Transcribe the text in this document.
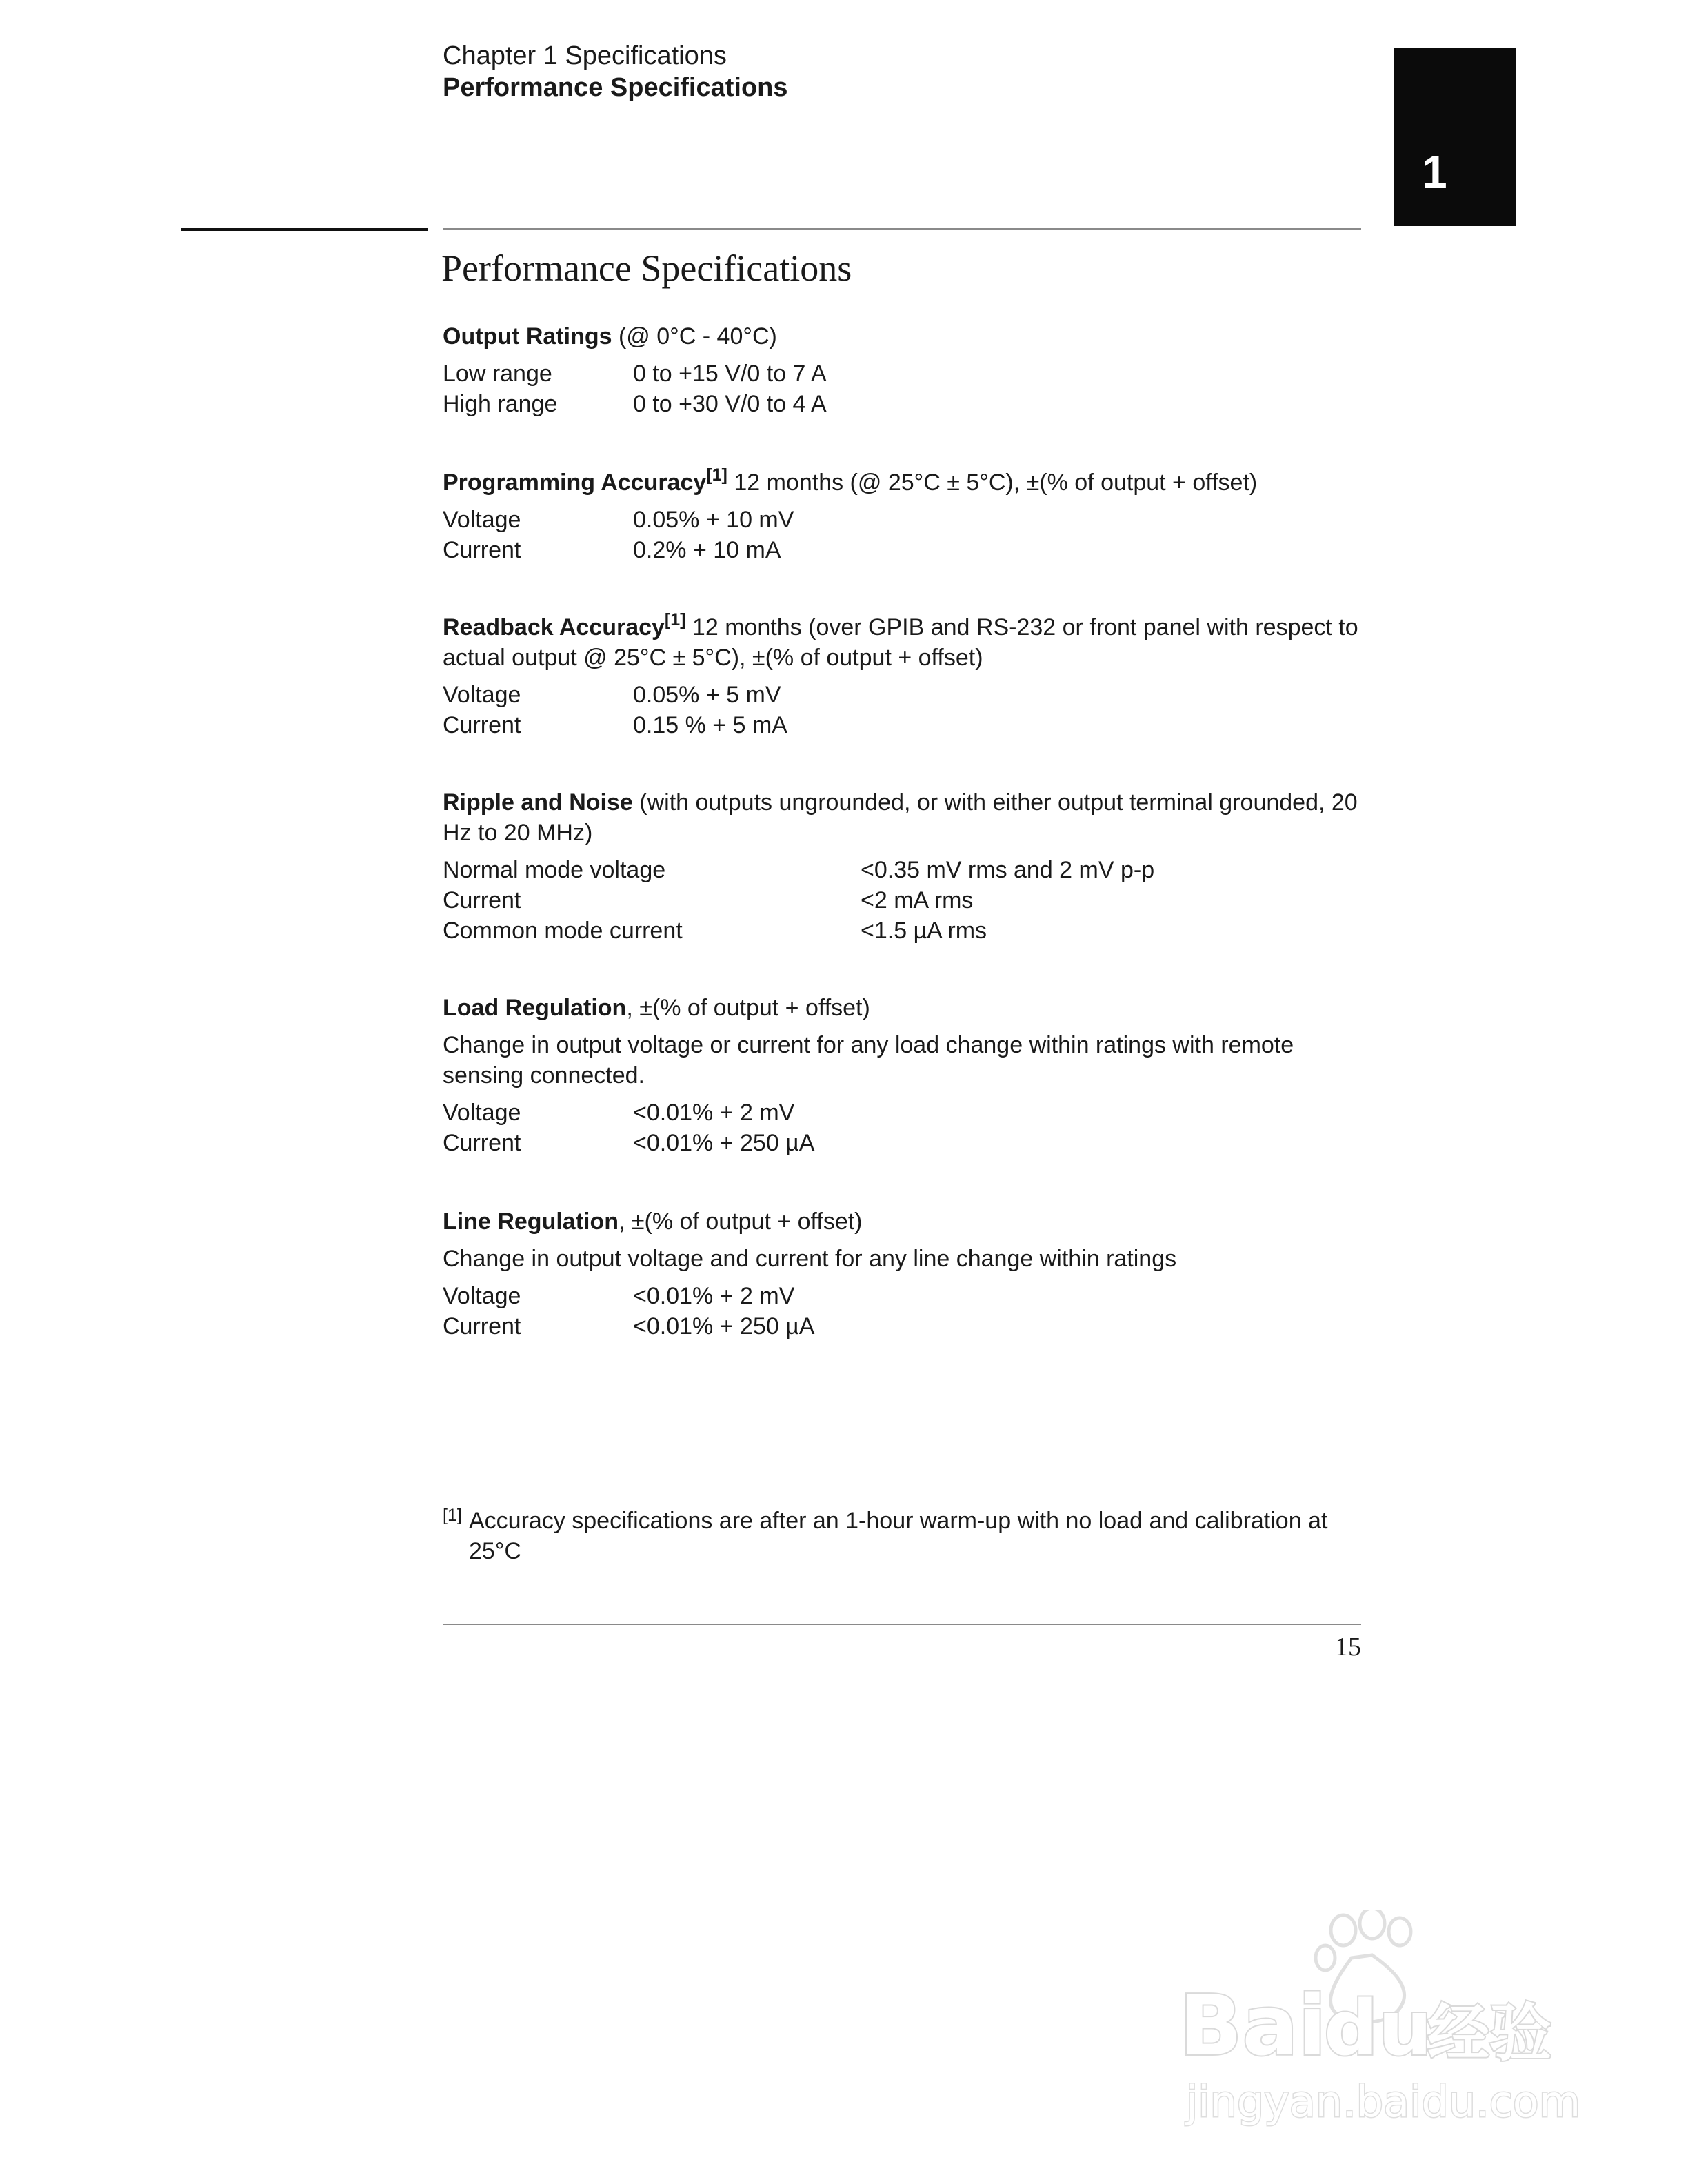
Chapter 1 Specifications
Performance Specifications
1
Performance Specifications
Output Ratings (@ 0°C - 40°C)
Low range	0 to +15 V/0 to 7 A
High range	0 to +30 V/0 to 4 A
Programming Accuracy[1] 12 months (@ 25°C ± 5°C), ±(% of output + offset)
Voltage	0.05% + 10 mV
Current	0.2% + 10 mA
Readback Accuracy[1] 12 months (over GPIB and RS-232 or front panel with respect to actual output @ 25°C ± 5°C), ±(% of output + offset)
Voltage	0.05% + 5 mV
Current	0.15 % + 5 mA
Ripple and Noise (with outputs ungrounded, or with either output terminal grounded, 20 Hz to 20 MHz)
Normal mode voltage	<0.35 mV rms and 2 mV p-p
Current	<2 mA rms
Common mode current	<1.5 µA rms
Load Regulation, ±(% of output + offset)
Change in output voltage or current for any load change within ratings with remote sensing connected.
Voltage	<0.01% + 2 mV
Current	<0.01% + 250 µA
Line Regulation, ±(% of output + offset)
Change in output voltage and current for any line change within ratings
Voltage	<0.01% + 2 mV
Current	<0.01% + 250 µA
[1] Accuracy specifications are after an 1-hour warm-up with no load and calibration at 25°C
15
Bai
du
经验
jingyan.baidu.com
